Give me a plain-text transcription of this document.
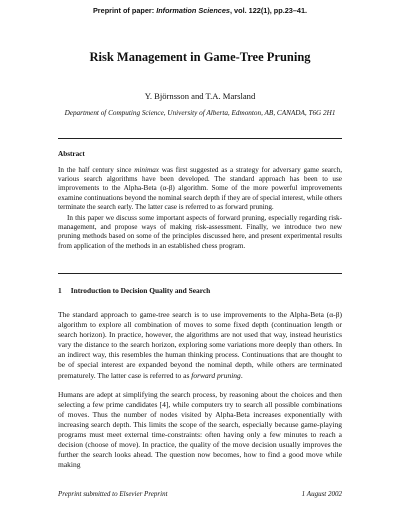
Preprint of paper: Information Sciences, vol. 122(1), pp.23–41.
Risk Management in Game-Tree Pruning
Y. Björnsson and T.A. Marsland
Department of Computing Science, University of Alberta, Edmonton, AB, CANADA, T6G 2H1
Abstract

In the half century since minimax was first suggested as a strategy for adversary game search, various search algorithms have been developed. The standard approach has been to use improvements to the Alpha-Beta (α-β) algorithm. Some of the more powerful improvements examine continuations beyond the nominal search depth if they are of special interest, while others terminate the search early. The latter case is referred to as forward pruning.

In this paper we discuss some important aspects of forward pruning, especially regarding risk-management, and propose ways of making risk-assessment. Finally, we introduce two new pruning methods based on some of the principles discussed here, and present experimental results from application of the methods in an established chess program.

1 Introduction to Decision Quality and Search

The standard approach to game-tree search is to use improvements to the Alpha-Beta (α-β) algorithm to explore all combination of moves to some fixed depth (continuation length or search horizon). In practice, however, the algorithms are not used that way, instead heuristics vary the distance to the search horizon, exploring some variations more deeply than others. In an indirect way, this resembles the human thinking process. Continuations that are thought to be of special interest are expanded beyond the nominal depth, while others are terminated prematurely. The latter case is referred to as forward pruning.

Humans are adept at simplifying the search process, by reasoning about the choices and then selecting a few prime candidates [4], while computers try to search all possible combinations of moves. Thus the number of nodes visited by Alpha-Beta increases exponentially with increasing search depth. This limits the scope of the search, especially because game-playing programs must meet external time-constraints: often having only a few minutes to reach a decision (choose of move). In practice, the quality of the move decision usually improves the further the search looks ahead. The question now becomes, how to find a good move while making

Preprint submitted to Elsevier Preprint	1 August 2002
